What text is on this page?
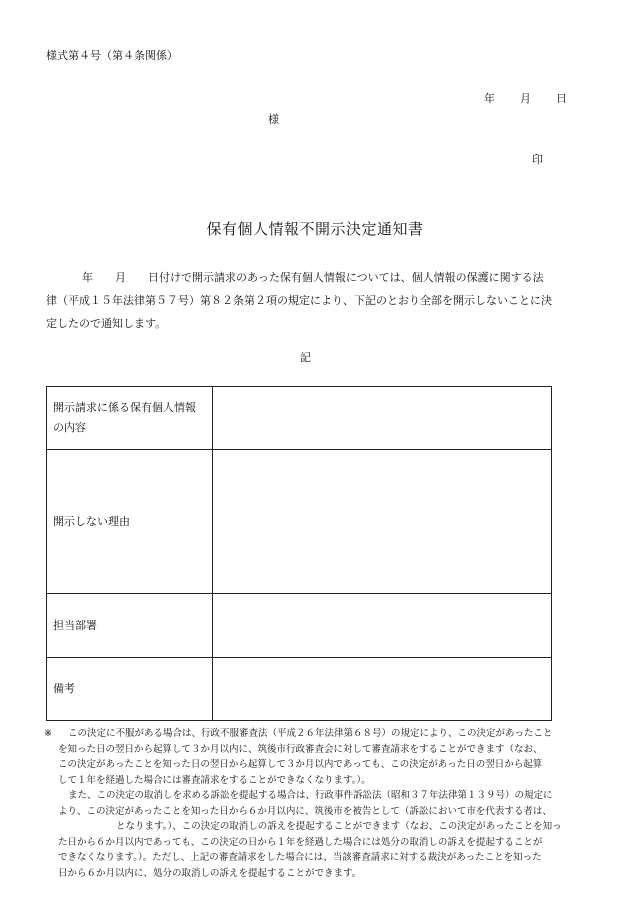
様式第４号（第４条関係）
年 月 日
様
印
保有個人情報不開示決定通知書
年　　月　　日付けで開示請求のあった保有個人情報については、個人情報の保護に関する法
律（平成１５年法律第５７号）第８２条第２項の規定により、下記のとおり全部を開示しないことに決
定したので通知します。
記
開示請求に係る保有個人情報
の内容	
開示しない理由	
担当部署	
備考	
※	この決定に不服がある場合は、行政不服審査法（平成２６年法律第６８号）の規定により、この決定があったこと
を知った日の翌日から起算して３か月以内に、筑後市行政審査会に対して審査請求をすることができます（なお、
この決定があったことを知った日の翌日から起算して３か月以内であっても、この決定があった日の翌日から起算
して１年を経過した場合には審査請求をすることができなくなります。）。
また、この決定の取消しを求める訴訟を提起する場合は、行政事件訴訟法（昭和３７年法律第１３９号）の規定に
より、この決定があったことを知った日から６か月以内に、筑後市を被告として（訴訟において市を代表する者は、
となります。）、この決定の取消しの訴えを提起することができます（なお、この決定があったことを知っ
た日から６か月以内であっても、この決定の日から１年を経過した場合には処分の取消しの訴えを提起することが
できなくなります。）。ただし、上記の審査請求をした場合には、当該審査請求に対する裁決があったことを知った
日から６か月以内に、処分の取消しの訴えを提起することができます。
